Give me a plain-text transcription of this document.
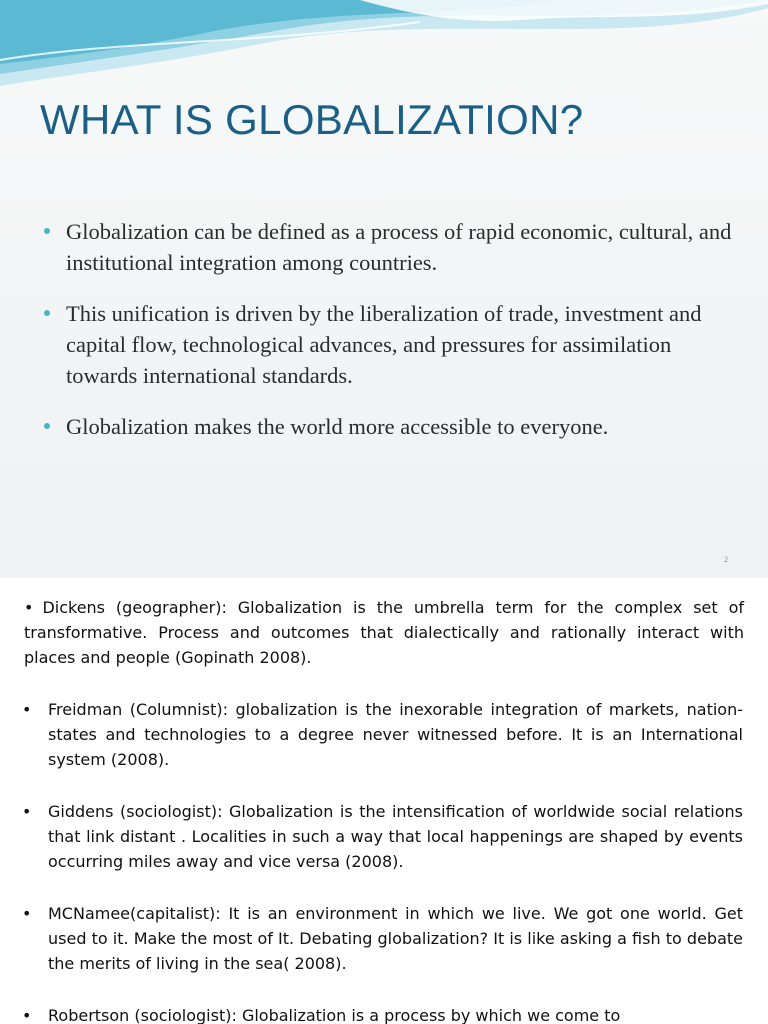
WHAT IS GLOBALIZATION?
Globalization can be defined as a process of rapid economic, cultural, and institutional integration among countries.
This unification is driven by the liberalization of trade, investment and capital flow, technological advances, and pressures for assimilation towards international standards.
Globalization makes the world more accessible to everyone.
2
• Dickens (geographer): Globalization is the umbrella term for the complex set of transformative. Process and outcomes that dialectically and rationally interact with places and people (Gopinath 2008).
• Freidman (Columnist): globalization is the inexorable integration of markets, nation-states and technologies to a degree never witnessed before. It is an International system (2008).
• Giddens (sociologist): Globalization is the intensification of worldwide social relations that link distant . Localities in such a way that local happenings are shaped by events occurring miles away and vice versa (2008).
• MCNamee(capitalist): It is an environment in which we live. We got one world. Get used to it. Make the most of It. Debating globalization? It is like asking a fish to debate the merits of living in the sea( 2008).
• Robertson (sociologist): Globalization is a process by which we come to
